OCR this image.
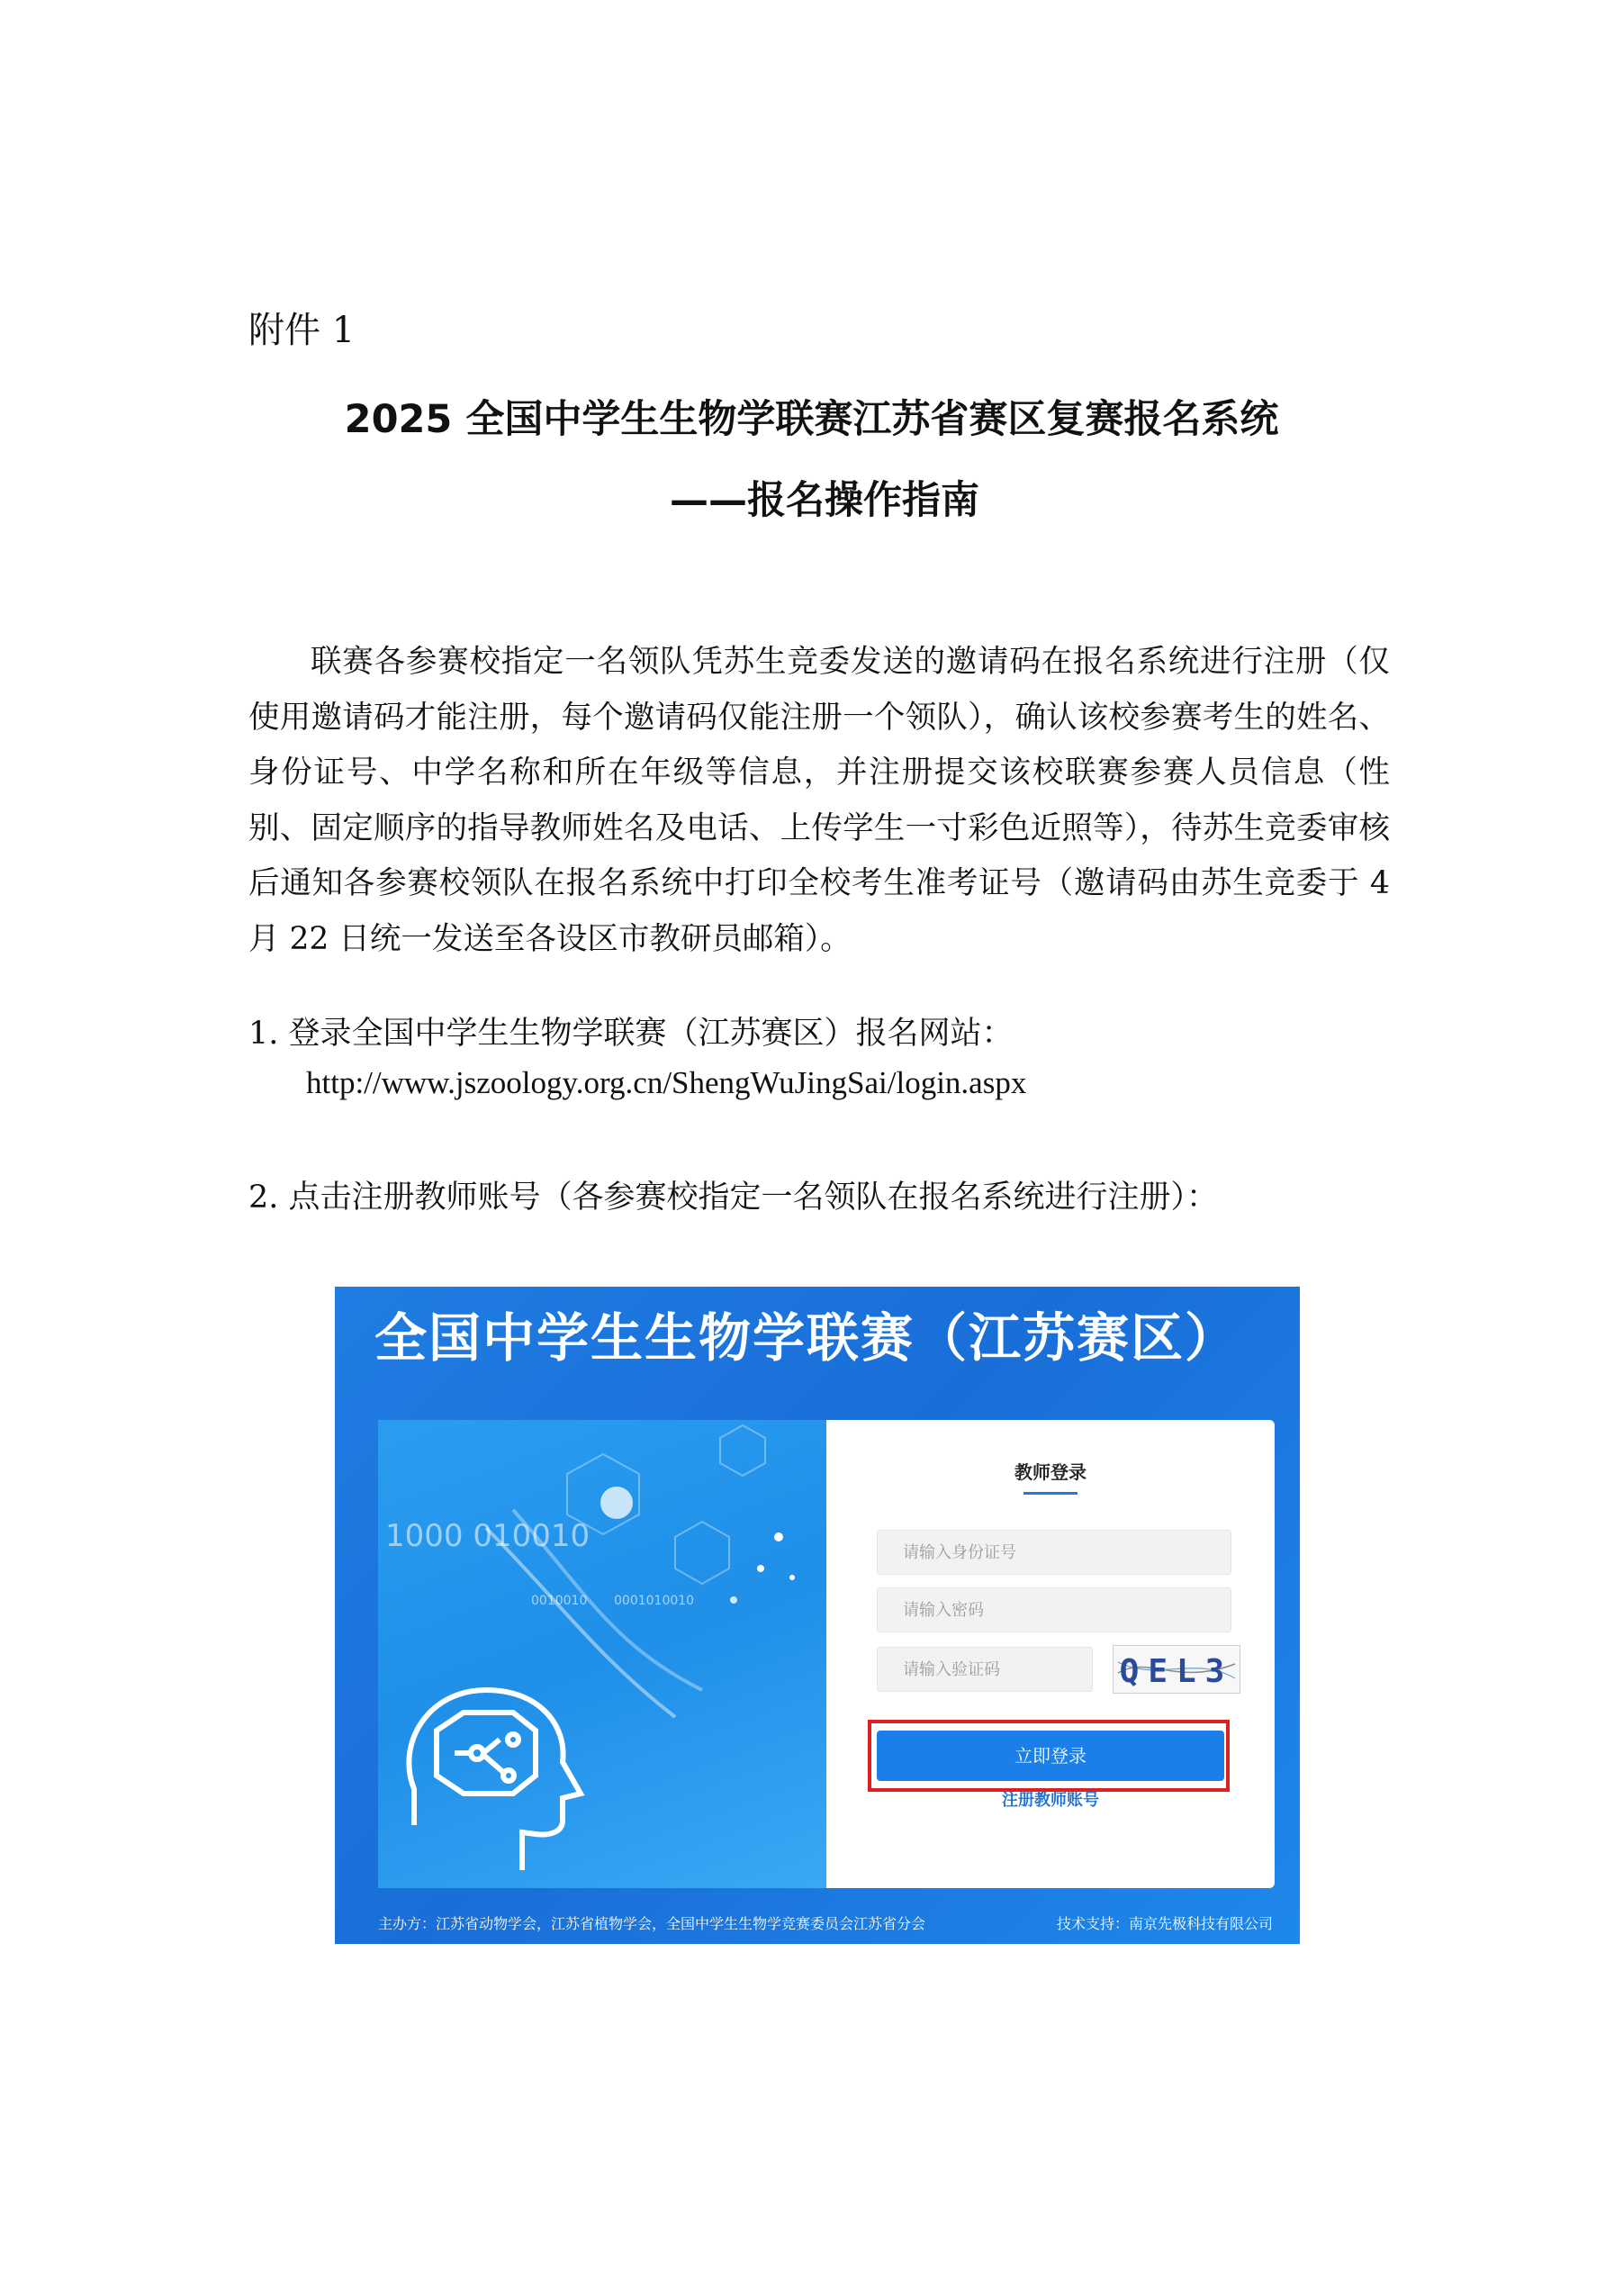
附件 1
2025 全国中学生生物学联赛江苏省赛区复赛报名系统
——报名操作指南
联赛各参赛校指定一名领队凭苏生竞委发送的邀请码在报名系统进行注册（仅使用邀请码才能注册，每个邀请码仅能注册一个领队），确认该校参赛考生的姓名、身份证号、中学名称和所在年级等信息，并注册提交该校联赛参赛人员信息（性别、固定顺序的指导教师姓名及电话、上传学生一寸彩色近照等），待苏生竞委审核后通知各参赛校领队在报名系统中打印全校考生准考证号（邀请码由苏生竞委于 4 月 22 日统一发送至各设区市教研员邮箱）。
1. 登录全国中学生生物学联赛（江苏赛区）报名网站：
http://www.jszoology.org.cn/ShengWuJingSai/login.aspx
2. 点击注册教师账号（各参赛校指定一名领队在报名系统进行注册）：
全国中学生生物学联赛（江苏赛区）
1000 010010
0010010 0001010010
教师登录
请输入身份证号
请输入密码
请输入验证码	QEL3
立即登录
注册教师账号
主办方：江苏省动物学会，江苏省植物学会，全国中学生生物学竞赛委员会江苏省分会	技术支持：南京先极科技有限公司
